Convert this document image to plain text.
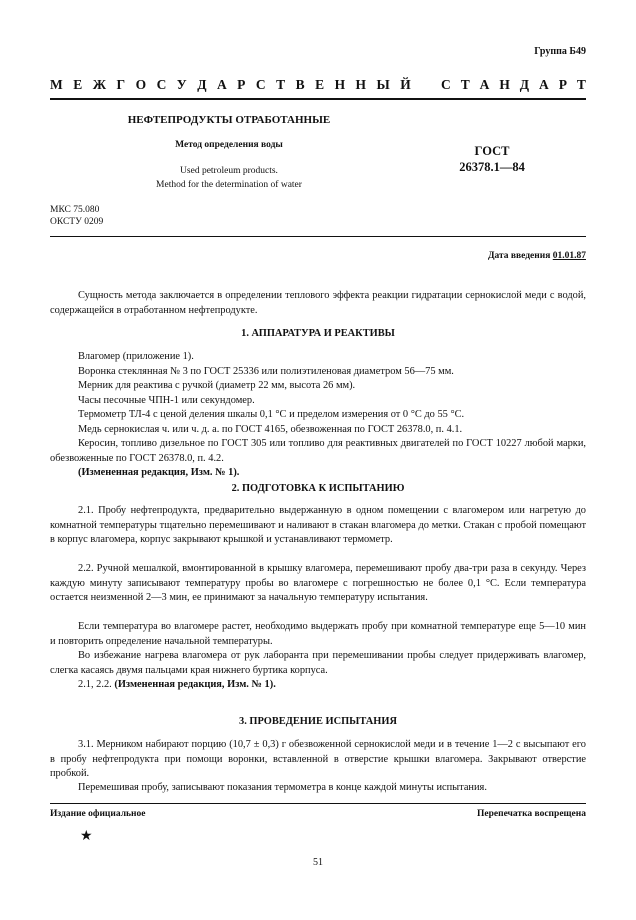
Группа Б49
М Е Ж Г О С У Д А Р С Т В Е Н Н Ы Й С Т А Н Д А Р Т
НЕФТЕПРОДУКТЫ ОТРАБОТАННЫЕ
Метод определения воды
Used petroleum products.
Method for the determination of water
ГОСТ
26378.1—84
МКС 75.080
ОКСТУ 0209
Дата введения 01.01.87
Сущность метода заключается в определении теплового эффекта реакции гидратации сернокислой меди с водой, содержащейся в отработанном нефтепродукте.
1. АППАРАТУРА И РЕАКТИВЫ
Влагомер (приложение 1).
Воронка стеклянная № 3 по ГОСТ 25336 или полиэтиленовая диаметром 56—75 мм.
Мерник для реактива с ручкой (диаметр 22 мм, высота 26 мм).
Часы песочные ЧПН-1 или секундомер.
Термометр ТЛ-4 с ценой деления шкалы 0,1 °С и пределом измерения от 0 °С до 55 °С.
Медь сернокислая ч. или ч. д. а. по ГОСТ 4165, обезвоженная по ГОСТ 26378.0, п. 4.1.
Керосин, топливо дизельное по ГОСТ 305 или топливо для реактивных двигателей по ГОСТ 10227 любой марки, обезвоженные по ГОСТ 26378.0, п. 4.2.
(Измененная редакция, Изм. № 1).
2. ПОДГОТОВКА К ИСПЫТАНИЮ
2.1. Пробу нефтепродукта, предварительно выдержанную в одном помещении с влагомером или нагретую до комнатной температуры тщательно перемешивают и наливают в стакан влагомера до метки. Стакан с пробой помещают в корпус влагомера, корпус закрывают крышкой и устанавливают термометр.
2.2. Ручной мешалкой, вмонтированной в крышку влагомера, перемешивают пробу два-три раза в секунду. Через каждую минуту записывают температуру пробы во влагомере с погрешностью не более 0,1 °С. Если температура остается неизменной 2—3 мин, ее принимают за начальную температуру испытания.
Если температура во влагомере растет, необходимо выдержать пробу при комнатной температуре еще 5—10 мин и повторить определение начальной температуры.
Во избежание нагрева влагомера от рук лаборанта при перемешивании пробы следует придерживать влагомер, слегка касаясь двумя пальцами края нижнего буртика корпуса.
2.1, 2.2. (Измененная редакция, Изм. № 1).
3. ПРОВЕДЕНИЕ ИСПЫТАНИЯ
3.1. Мерником набирают порцию (10,7 ± 0,3) г обезвоженной сернокислой меди и в течение 1—2 с высыпают его в пробу нефтепродукта при помощи воронки, вставленной в отверстие крышки влагомера. Закрывают отверстие пробкой.
Перемешивая пробу, записывают показания термометра в конце каждой минуты испытания.
Издание официальное	Перепечатка воспрещена
★
51
